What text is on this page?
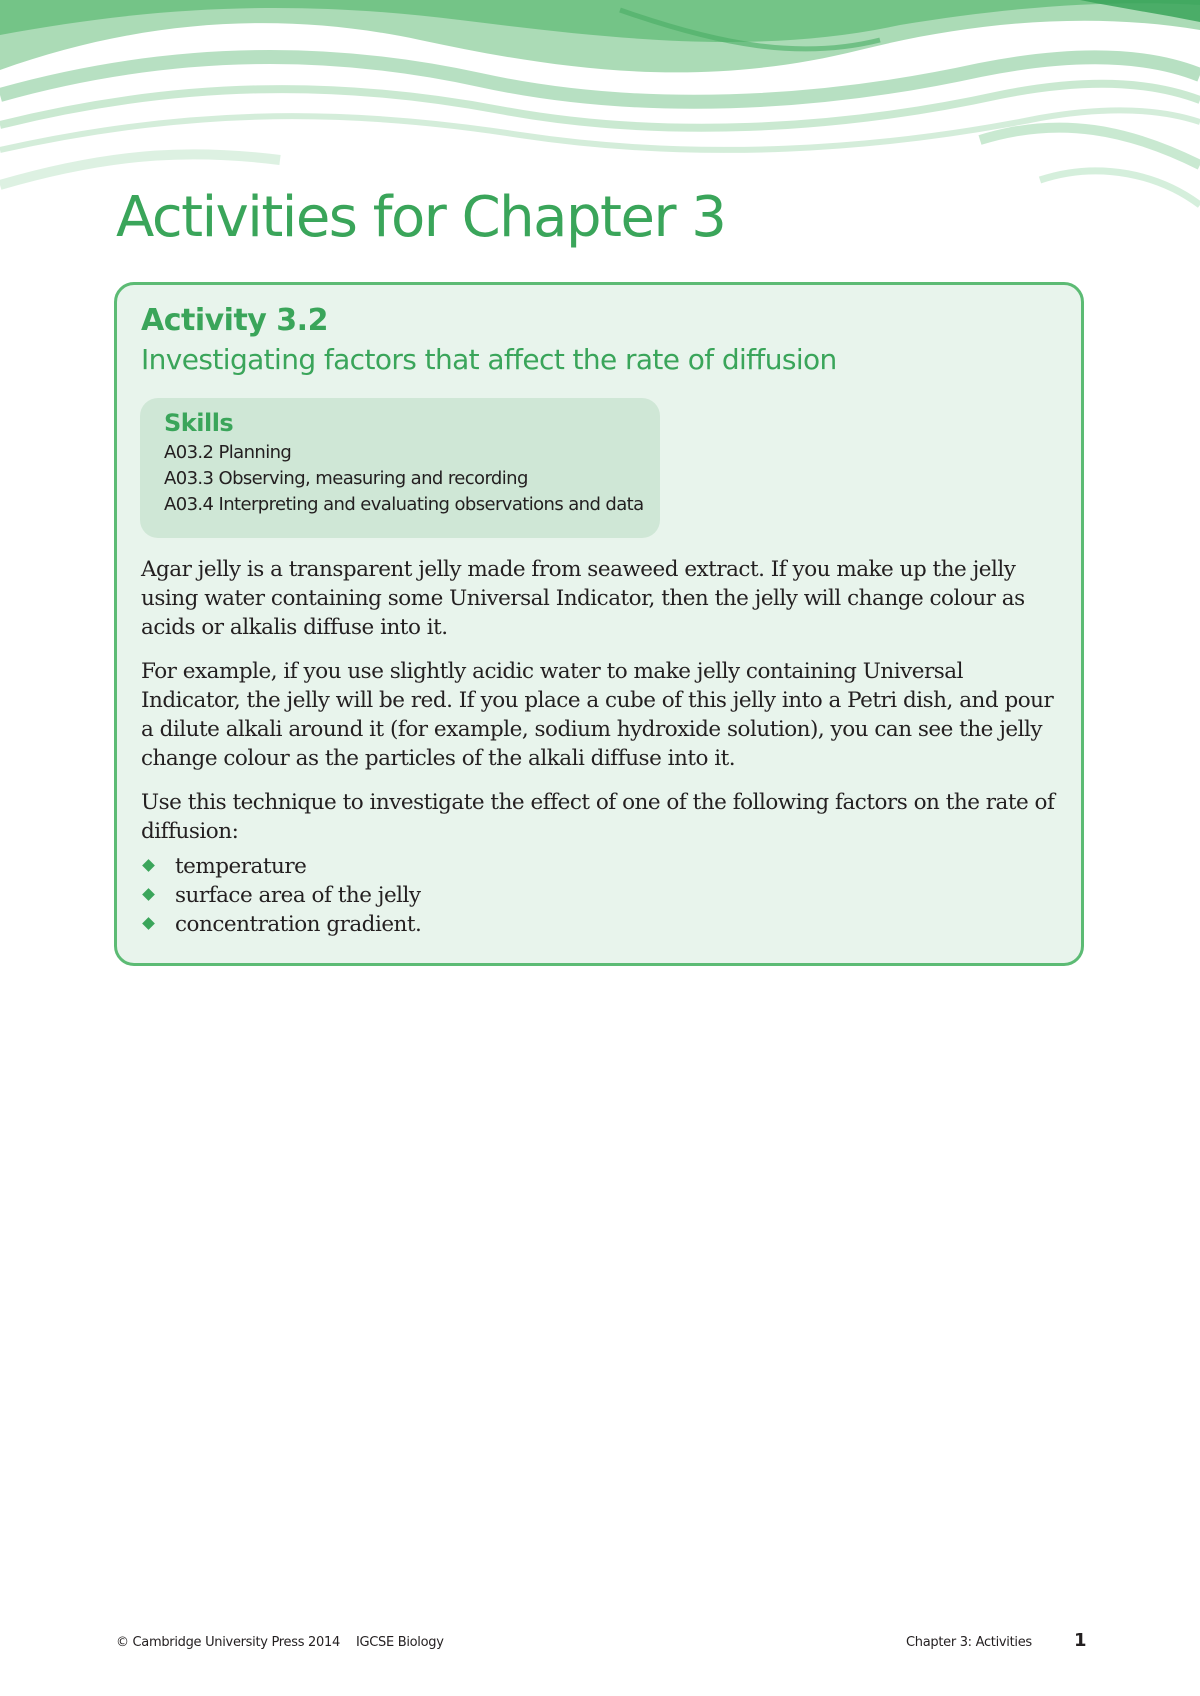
Activities for Chapter 3
Activity 3.2
Investigating factors that affect the rate of diffusion
Skills
A03.2 Planning
A03.3 Observing, measuring and recording
A03.4 Interpreting and evaluating observations and data

Agar jelly is a transparent jelly made from seaweed extract. If you make up the jelly using water containing some Universal Indicator, then the jelly will change colour as acids or alkalis diffuse into it.

For example, if you use slightly acidic water to make jelly containing Universal Indicator, the jelly will be red. If you place a cube of this jelly into a Petri dish, and pour a dilute alkali around it (for example, sodium hydroxide solution), you can see the jelly change colour as the particles of the alkali diffuse into it.

Use this technique to investigate the effect of one of the following factors on the rate of diffusion:

temperature
surface area of the jelly
concentration gradient.
© Cambridge University Press 2014 IGCSE Biology	Chapter 3: Activities 1
